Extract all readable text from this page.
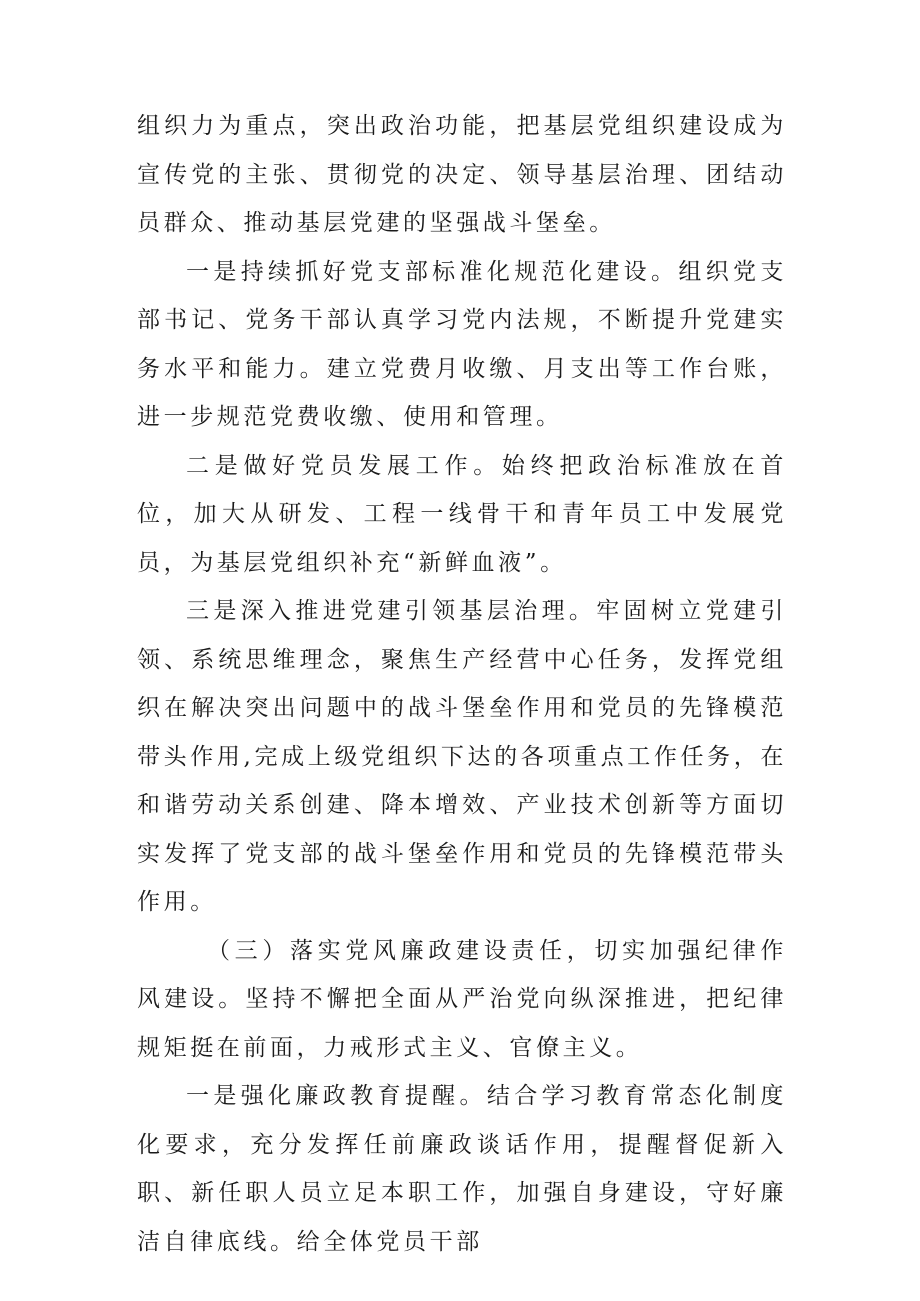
组织力为重点，突出政治功能，把基层党组织建设成为宣传党的主张、贯彻党的决定、领导基层治理、团结动员群众、推动基层党建的坚强战斗堡垒。

一是持续抓好党支部标准化规范化建设。组织党支部书记、党务干部认真学习党内法规，不断提升党建实务水平和能力。建立党费月收缴、月支出等工作台账，进一步规范党费收缴、使用和管理。

二是做好党员发展工作。始终把政治标准放在首位，加大从研发、工程一线骨干和青年员工中发展党员，为基层党组织补充“新鲜血液”。

三是深入推进党建引领基层治理。牢固树立党建引领、系统思维理念，聚焦生产经营中心任务，发挥党组织在解决突出问题中的战斗堡垒作用和党员的先锋模范带头作用,完成上级党组织下达的各项重点工作任务，在和谐劳动关系创建、降本增效、产业技术创新等方面切实发挥了党支部的战斗堡垒作用和党员的先锋模范带头作用。

（三）落实党风廉政建设责任，切实加强纪律作风建设。坚持不懈把全面从严治党向纵深推进，把纪律规矩挺在前面，力戒形式主义、官僚主义。

一是强化廉政教育提醒。结合学习教育常态化制度化要求，充分发挥任前廉政谈话作用，提醒督促新入职、新任职人员立足本职工作，加强自身建设，守好廉洁自律底线。给全体党员干部
